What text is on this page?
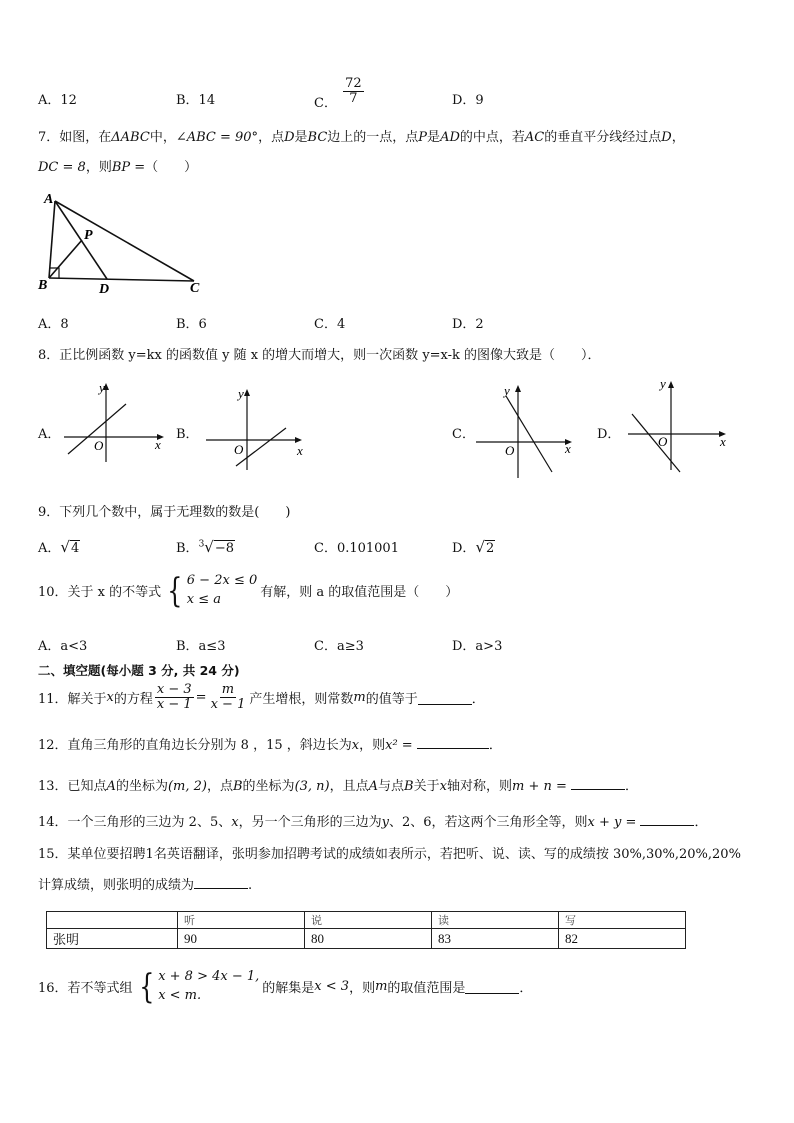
A．12	B．14	C． $\frac{72}{7}$	D．9
7．如图，在ΔABC中，∠ABC = 90°，点D是BC边上的一点，点P是AD的中点，若AC的垂直平分线经过点D，
DC = 8，则BP =（　　）
A
B	C
D
P
A．8	B．6	C．4	D．2
8．正比例函数 y=kx 的函数值 y 随 x 的增大而增大，则一次函数 y=x-k 的图像大致是（　　）．
A．	B．	C．	D．
y
x
O
y
x
O
y
x
O
y
x
O
9．下列几个数中，属于无理数的数是(　　)
A．√4	B．$^3$√−8	C．0.101001	D．√2
10．关于 x 的不等式 { 6 − 2x ≤ 0
x ≤ a	有解，则 a 的取值范围是（　　）
A．a<3	B．a≤3	C．a≥3	D．a>3
二、填空题(每小题 3 分, 共 24 分)
11．解关于 x 的方程 $\frac{x - 3}{x - 1} = \frac{m}{x - 1}$ 产生增根，则常数 m 的值等于	．
12．直角三角形的直角边长分别为 8 ，15 ，斜边长为x，则x² =	．
13．已知点A的坐标为(m, 2)，点B的坐标为(3, n)，且点A与点B关于x轴对称，则m + n =	．
14．一个三角形的三边为 2、5、x，另一个三角形的三边为y、2、6，若这两个三角形全等，则x + y =	．
15．某单位要招聘1名英语翻译，张明参加招聘考试的成绩如表所示，若把听、说、读、写的成绩按 30%,30%,20%,20%
计算成绩，则张明的成绩为	.
	听	说	读	写
张明	90	80	83	82
16．若不等式组 { x + 8 > 4x − 1,
x < m.	的解集是 x < 3 ，则 m 的取值范围是	．
